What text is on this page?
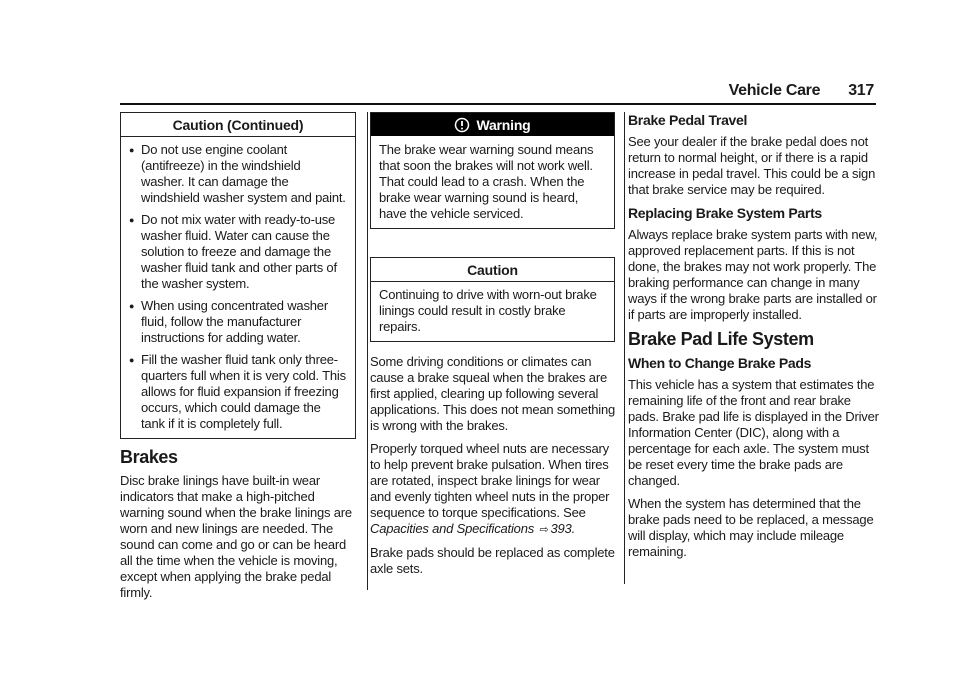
Vehicle Care 317
Caution (Continued)
● Do not use engine coolant (antifreeze) in the windshield washer. It can damage the windshield washer system and paint.
● Do not mix water with ready-to-use washer fluid. Water can cause the solution to freeze and damage the washer fluid tank and other parts of the washer system.
● When using concentrated washer fluid, follow the manufacturer instructions for adding water.
● Fill the washer fluid tank only three-quarters full when it is very cold. This allows for fluid expansion if freezing occurs, which could damage the tank if it is completely full.
Brakes

Disc brake linings have built-in wear indicators that make a high-pitched warning sound when the brake linings are worn and new linings are needed. The sound can come and go or can be heard all the time when the vehicle is moving, except when applying the brake pedal firmly.

Warning

The brake wear warning sound means that soon the brakes will not work well. That could lead to a crash. When the brake wear warning sound is heard, have the vehicle serviced.

Caution

Continuing to drive with worn-out brake linings could result in costly brake repairs.

Some driving conditions or climates can cause a brake squeal when the brakes are first applied, clearing up following several applications. This does not mean something is wrong with the brakes.

Properly torqued wheel nuts are necessary to help prevent brake pulsation. When tires are rotated, inspect brake linings for wear and evenly tighten wheel nuts in the proper sequence to torque specifications. See Capacities and Specifications ⇨ 393.

Brake pads should be replaced as complete axle sets.

Brake Pedal Travel

See your dealer if the brake pedal does not return to normal height, or if there is a rapid increase in pedal travel. This could be a sign that brake service may be required.

Replacing Brake System Parts

Always replace brake system parts with new, approved replacement parts. If this is not done, the brakes may not work properly. The braking performance can change in many ways if the wrong brake parts are installed or if parts are improperly installed.

Brake Pad Life System
When to Change Brake Pads

This vehicle has a system that estimates the remaining life of the front and rear brake pads. Brake pad life is displayed in the Driver Information Center (DIC), along with a percentage for each axle. The system must be reset every time the brake pads are changed.

When the system has determined that the brake pads need to be replaced, a message will display, which may include mileage remaining.
